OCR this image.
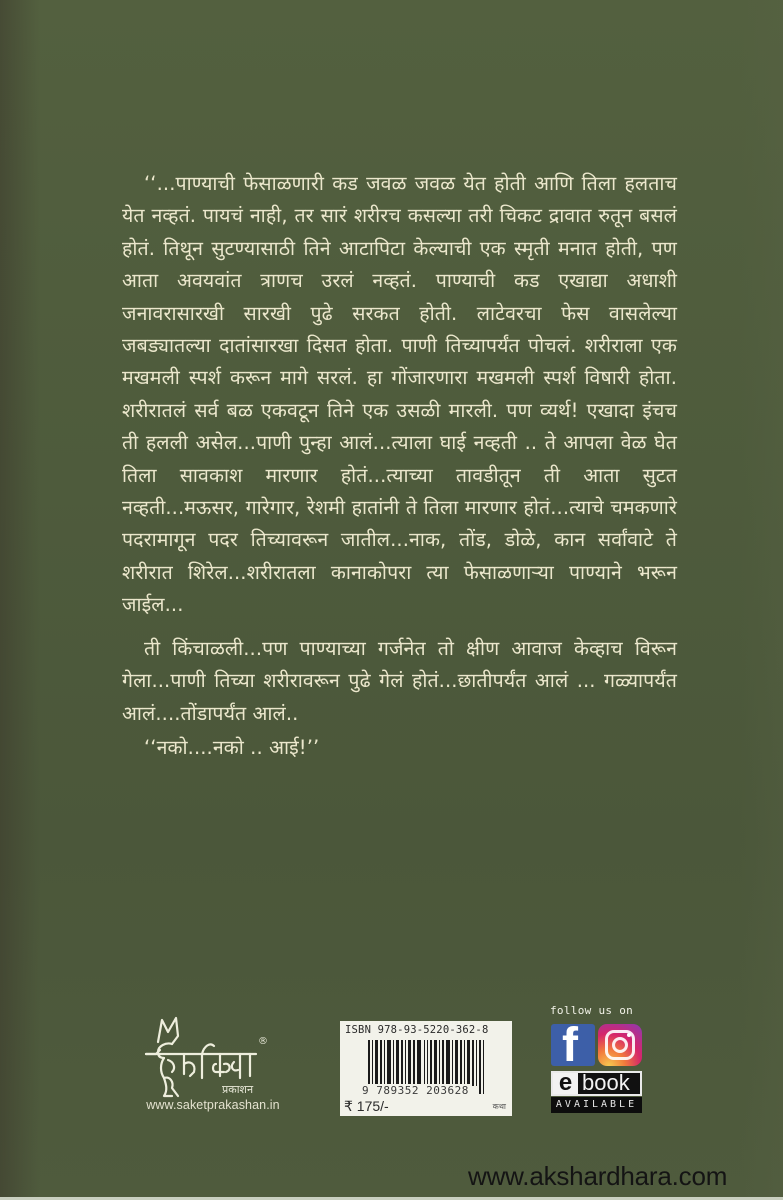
‘‘...पाण्याची फेसाळणारी कड जवळ जवळ येत होती आणि तिला हलताच येत नव्हतं. पायचं नाही, तर सारं शरीरच कसल्या तरी चिकट द्रावात रुतून बसलं होतं. तिथून सुटण्यासाठी तिने आटापिटा केल्याची एक स्मृती मनात होती, पण आता अवयवांत त्राणच उरलं नव्हतं. पाण्याची कड एखाद्या अधाशी जनावरासारखी सारखी पुढे सरकत होती. लाटेवरचा फेस वासलेल्या जबड्यातल्या दातांसारखा दिसत होता. पाणी तिच्यापर्यंत पोचलं. शरीराला एक मखमली स्पर्श करून मागे सरलं. हा गोंजारणारा मखमली स्पर्श विषारी होता. शरीरातलं सर्व बळ एकवटून तिने एक उसळी मारली. पण व्यर्थ! एखादा इंचच ती हलली असेल...पाणी पुन्हा आलं...त्याला घाई नव्हती .. ते आपला वेळ घेत तिला सावकाश मारणार होतं...त्याच्या तावडीतून ती आता सुटत नव्हती...मऊसर, गारेगार, रेशमी हातांनी ते तिला मारणार होतं...त्याचे चमकणारे पदरामागून पदर तिच्यावरून जातील...नाक, तोंड, डोळे, कान सर्वांवाटे ते शरीरात शिरेल...शरीरातला कानाकोपरा त्या फेसाळणाऱ्या पाण्याने भरून जाईल...

ती किंचाळली...पण पाण्याच्या गर्जनेत तो क्षीण आवाज केव्हाच विरून गेला...पाणी तिच्या शरीरावरून पुढे गेलं होतं...छातीपर्यंत आलं ... गळ्यापर्यंत आलं....तोंडापर्यंत आलं..

‘‘नको....नको .. आई!’’

®
प्रकाशन
www.saketprakashan.in
ISBN 978-93-5220-362-8
9 789352 203628
₹ 175/-	कथा
follow us on
f
e book
AVAILABLE
www.akshardhara.com
